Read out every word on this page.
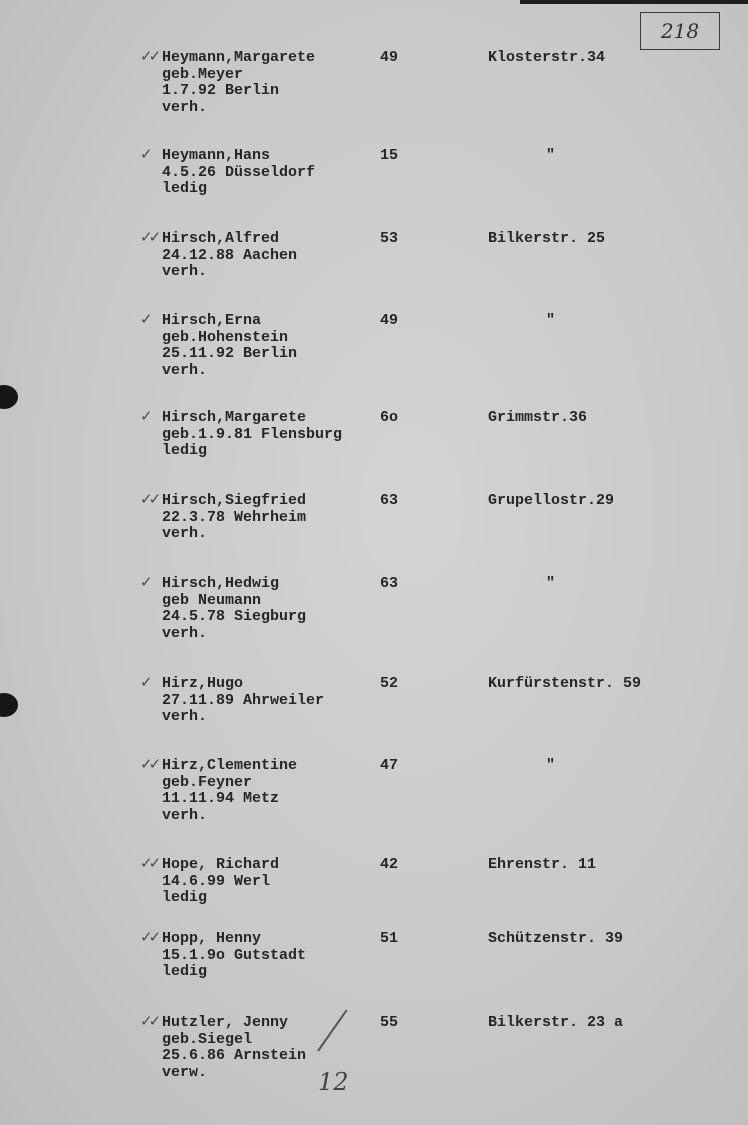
218
✓✓ Heymann,Margarete
geb.Meyer
1.7.92 Berlin
verh.
49	Klosterstr.34
✓ Heymann,Hans
4.5.26 Düsseldorf
ledig
15	"
✓✓ Hirsch,Alfred
24.12.88 Aachen
verh.
53	Bilkerstr. 25
✓ Hirsch,Erna
geb.Hohenstein
25.11.92 Berlin
verh.
49	"
✓ Hirsch,Margarete
geb.1.9.81 Flensburg
ledig
6o	Grimmstr.36
✓✓ Hirsch,Siegfried
22.3.78 Wehrheim
verh.
63	Grupellostr.29
✓ Hirsch,Hedwig
geb Neumann
24.5.78 Siegburg
verh.
63	"
✓ Hirz,Hugo
27.11.89 Ahrweiler
verh.
52	Kurfürstenstr. 59
✓✓ Hirz,Clementine
geb.Feyner
11.11.94 Metz
verh.
47	"
✓✓ Hope, Richard
14.6.99 Werl
ledig
42	Ehrenstr. 11
✓✓ Hopp, Henny
15.1.9o Gutstadt
ledig
51	Schützenstr. 39
✓✓ Hutzler, Jenny
geb.Siegel
25.6.86 Arnstein
verw.
55	Bilkerstr. 23 a
12
